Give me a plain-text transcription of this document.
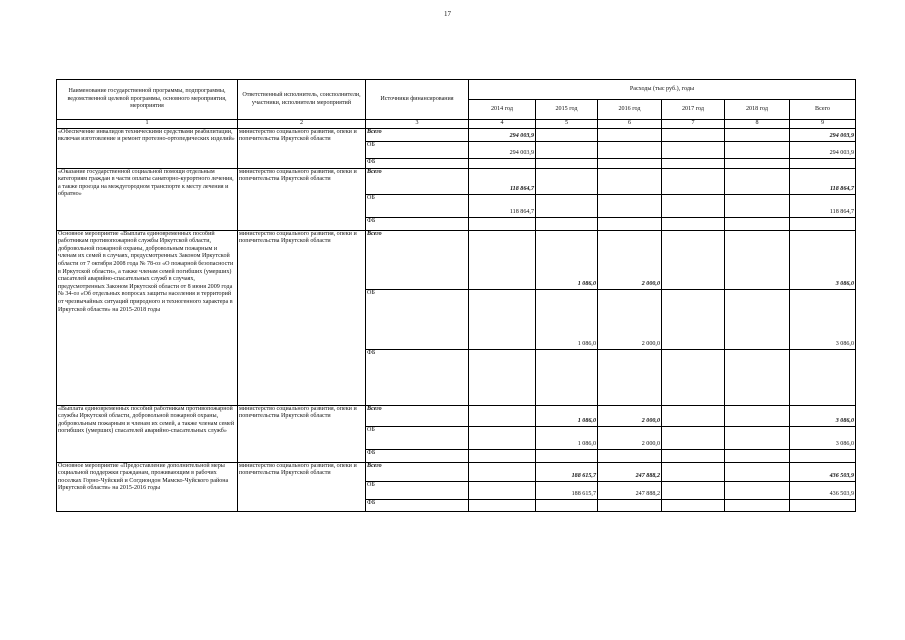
17
Наименование государственной программы, подпрограммы, ведомственной целевой программы, основного мероприятия, мероприятия	Ответственный исполнитель, соисполнители, участники, исполнители мероприятий	Источники финансирования	Расходы (тыс руб.), годы					
			2014 год	2015 год	2016 год	2017 год	2018 год	Всего
1	2	3	4	5	6	7	8	9
«Обеспечение инвалидов техническими средствами реабилитации, включая изготовление и ремонт протезно-ортопедических изделий»	министерство социального развития, опеки и попечительства Иркутской области	Всего	294 003,9					294 003,9
		ОБ	294 003,9					294 003,9
		ФБ						
«Оказание государственной социальной помощи отдельным категориям граждан в части оплаты санаторно-курортного лечения, а также проезда на междугородном транспорте к месту лечения и обратно»	министерство социального развития, опеки и попечительства Иркутской области	Всего	118 864,7					118 864,7
		ОБ	118 864,7					118 864,7
		ФБ						
Основное мероприятие «Выплата единовременных пособий работникам противопожарной службы Иркутской области, добровольной пожарной охраны, добровольным пожарным и членам их семей в случаях, предусмотренных Законом Иркутской области от 7 октября 2008 года № 78-оз «О пожарной безопасности в Иркутской области», а также членам семей погибших (умерших) спасателей аварийно-спасательных служб в случаях, предусмотренных Законом Иркутской области от 8 июня 2009 года № 34-оз «Об отдельных вопросах защиты населения и территорий от чрезвычайных ситуаций природного и техногенного характера в Иркутской области» на 2015-2018 годы	министерство социального развития, опеки и попечительства Иркутской области	Всего		1 086,0	2 000,0			3 086,0
		ОБ		1 086,0	2 000,0			3 086,0
		ФБ						
«Выплата единовременных пособий работникам противопожарной службы Иркутской области, добровольной пожарной охраны, добровольным пожарным и членам их семей, а также членам семей погибших (умерших) спасателей аварийно-спасательных служб»	министерство социального развития, опеки и попечительства Иркутской области	Всего		1 086,0	2 000,0			3 086,0
		ОБ		1 086,0	2 000,0			3 086,0
		ФБ						
Основное мероприятие «Предоставление дополнительной меры социальной поддержки гражданам, проживающим в рабочих поселках Горно-Чуйский и Согдиондон Мамско-Чуйского района Иркутской области» на 2015-2016 годы	министерство социального развития, опеки и попечительства Иркутской области	Всего		188 615,7	247 888,2			436 503,9
		ОБ		188 615,7	247 888,2			436 503,9
		ФБ						
